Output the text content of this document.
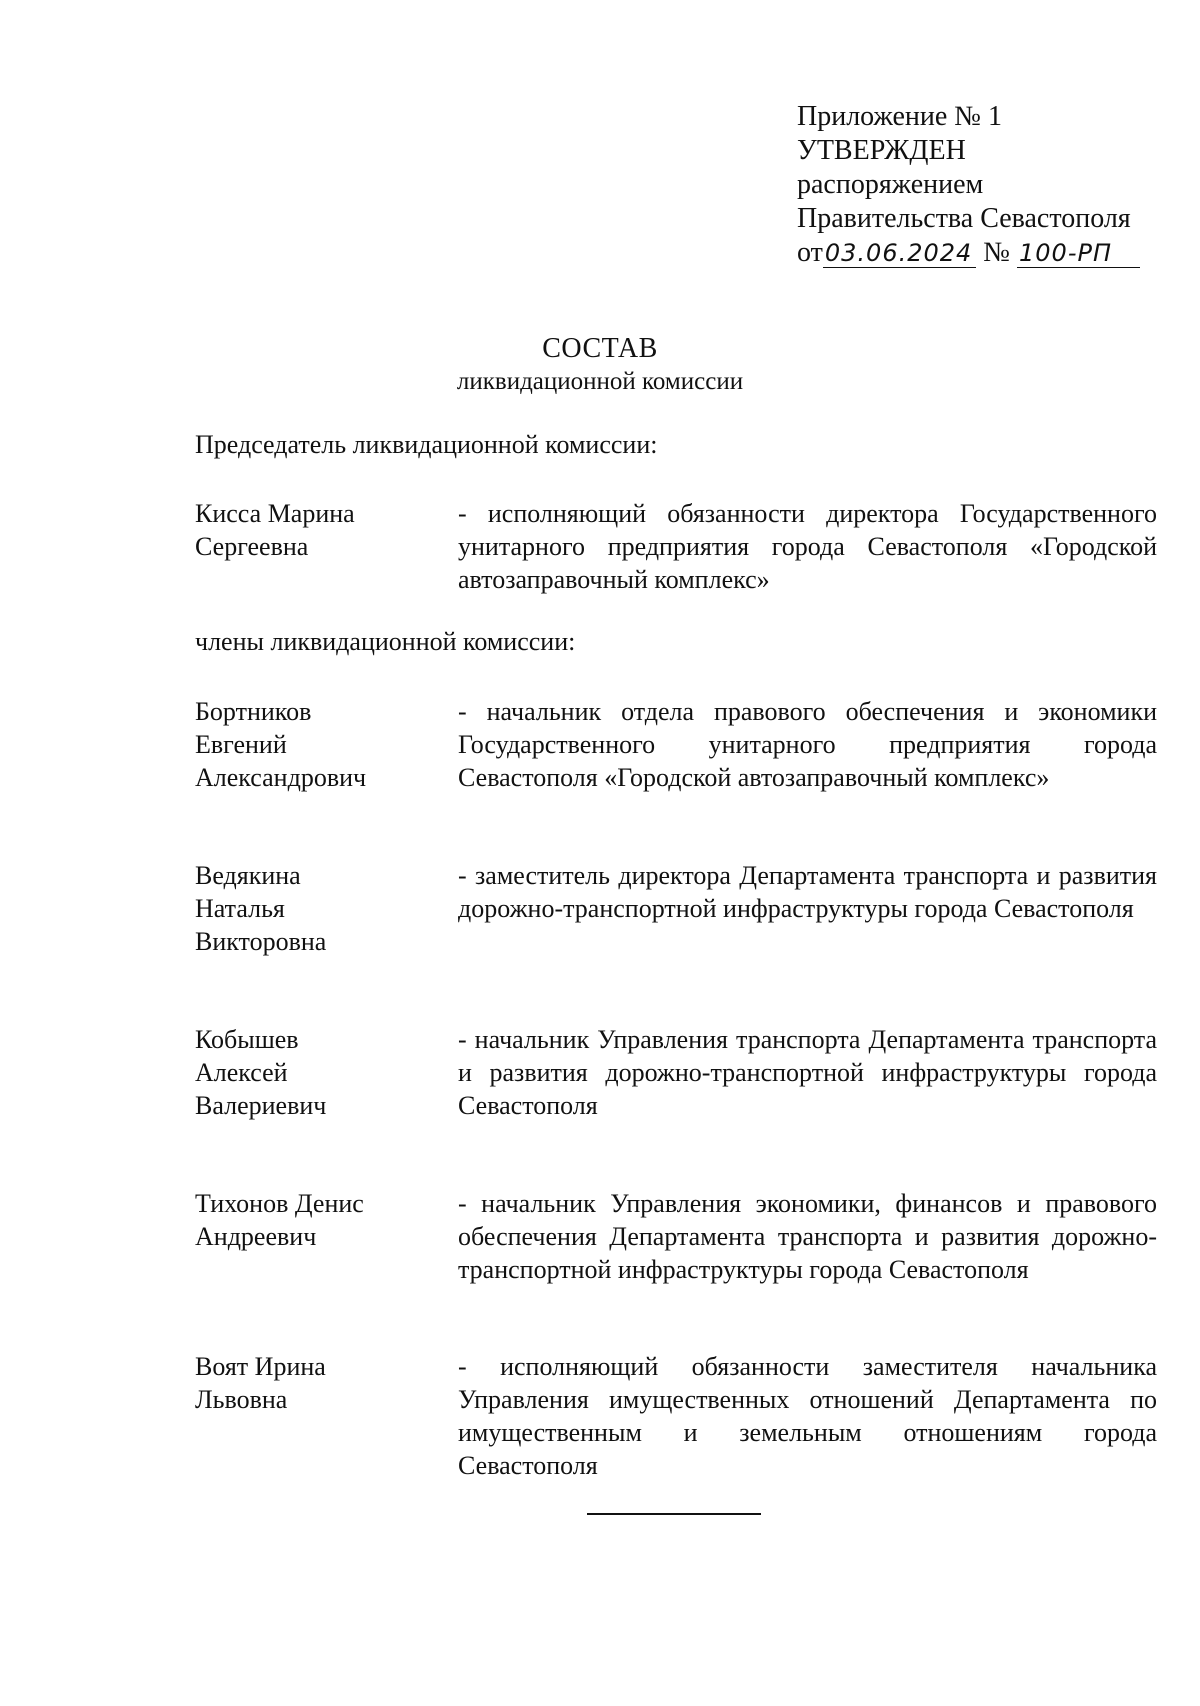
Приложение № 1
УТВЕРЖДЕН
распоряжением
Правительства Севастополя
от03.06.2024 № 100-РП
СОСТАВ
ликвидационной комиссии
Председатель ликвидационной комиссии:
Кисса Марина
Сергеевна
- исполняющий обязанности директора Государственного унитарного предприятия города Севастополя «Городской автозаправочный комплекс»
члены ликвидационной комиссии:
Бортников
Евгений
Александрович
- начальник отдела правового обеспечения и экономики Государственного унитарного предприятия города Севастополя «Городской автозаправочный комплекс»
Ведякина
Наталья
Викторовна
- заместитель директора Департамента транспорта и развития дорожно-транспортной инфраструктуры города Севастополя
Кобышев
Алексей
Валериевич
- начальник Управления транспорта Департамента транспорта и развития дорожно-транспортной инфраструктуры города Севастополя
Тихонов Денис
Андреевич
- начальник Управления экономики, финансов и правового обеспечения Департамента транспорта и развития дорожно-транспортной инфраструктуры города Севастополя
Воят Ирина
Львовна
- исполняющий обязанности заместителя начальника Управления имущественных отношений Департамента по имущественным и земельным отношениям города Севастополя
